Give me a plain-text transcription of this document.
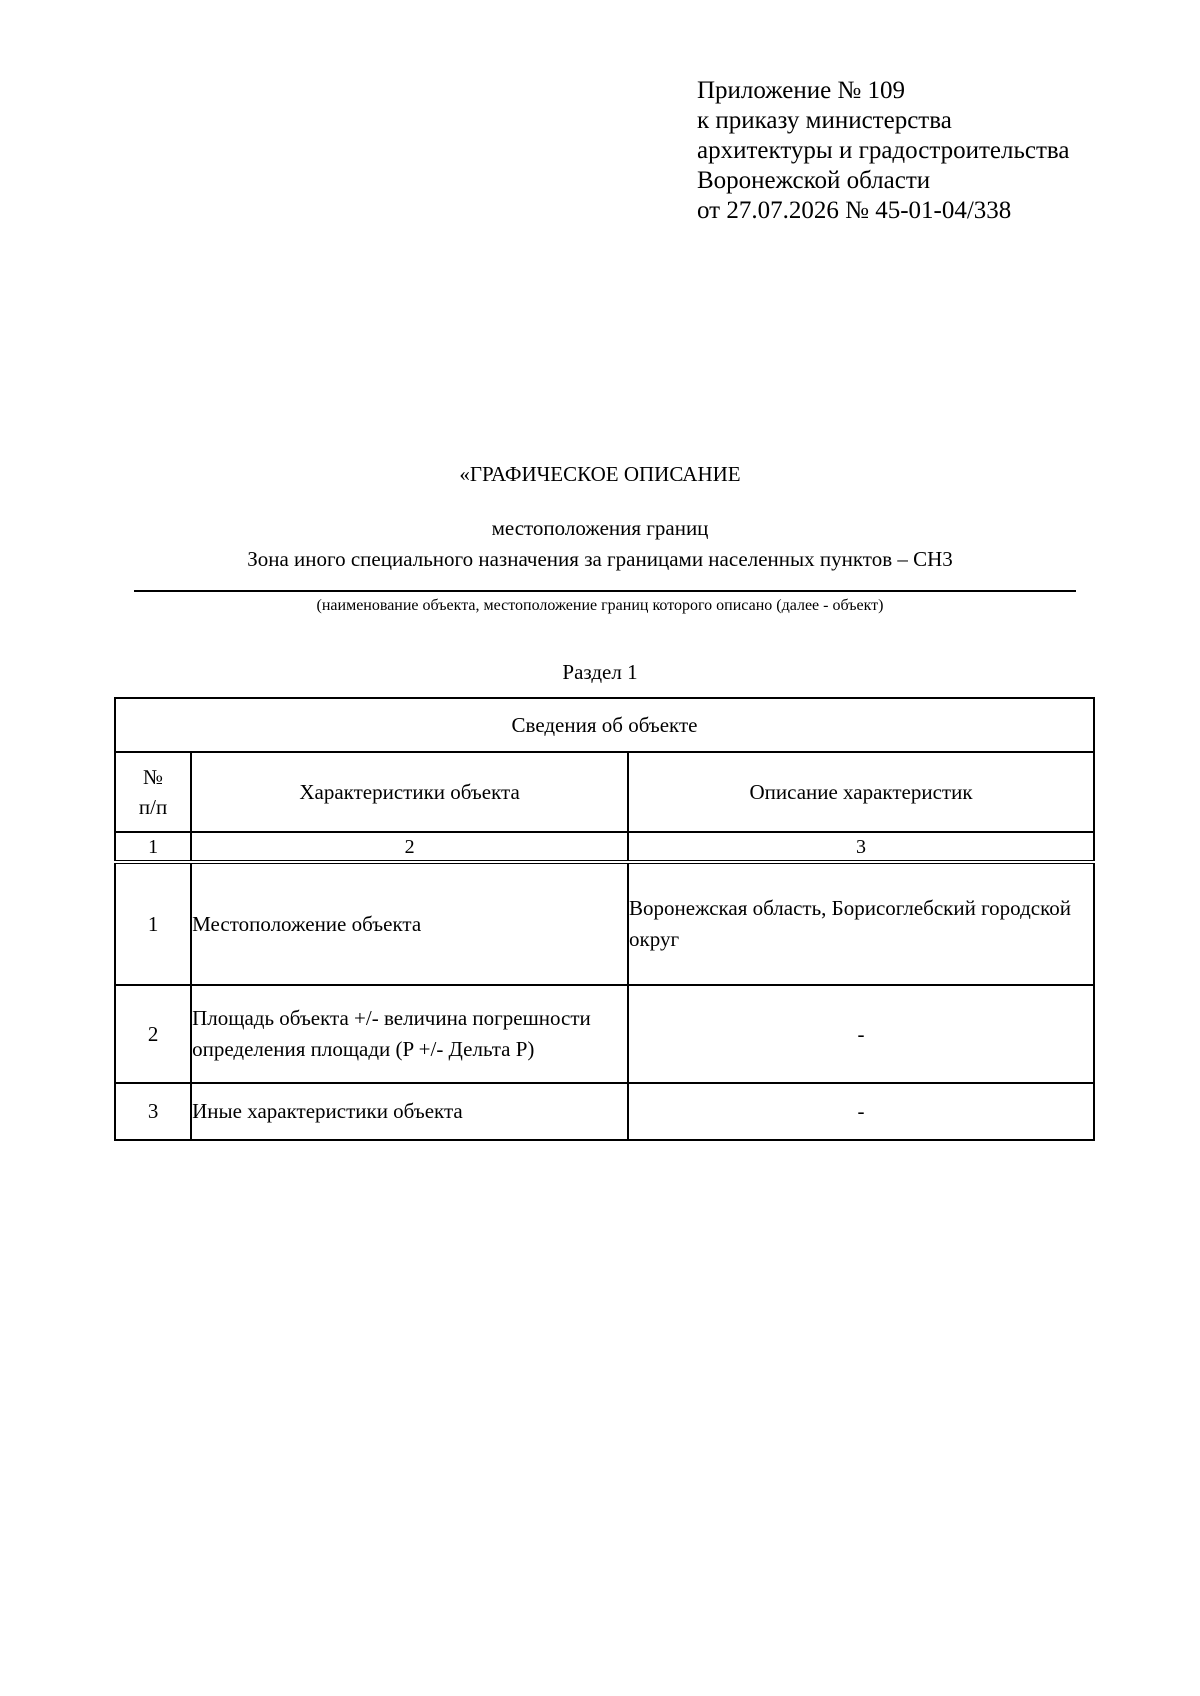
Приложение № 109
к приказу министерства
архитектуры и градостроительства
Воронежской области
от 27.07.2026 № 45-01-04/338
«ГРАФИЧЕСКОЕ ОПИСАНИЕ
местоположения границ
Зона иного специального назначения за границами населенных пунктов – СН3
(наименование объекта, местоположение границ которого описано (далее - объект)
Раздел 1
Сведения об объекте		

№
п/п	Характеристики объекта	Описание характеристик
1	2	3
1	Местоположение объекта	Воронежская область, Борисоглебский городской округ
2	Площадь объекта +/- величина погрешности определения площади (P +/- Дельта P)	-
3	Иные характеристики объекта	-
